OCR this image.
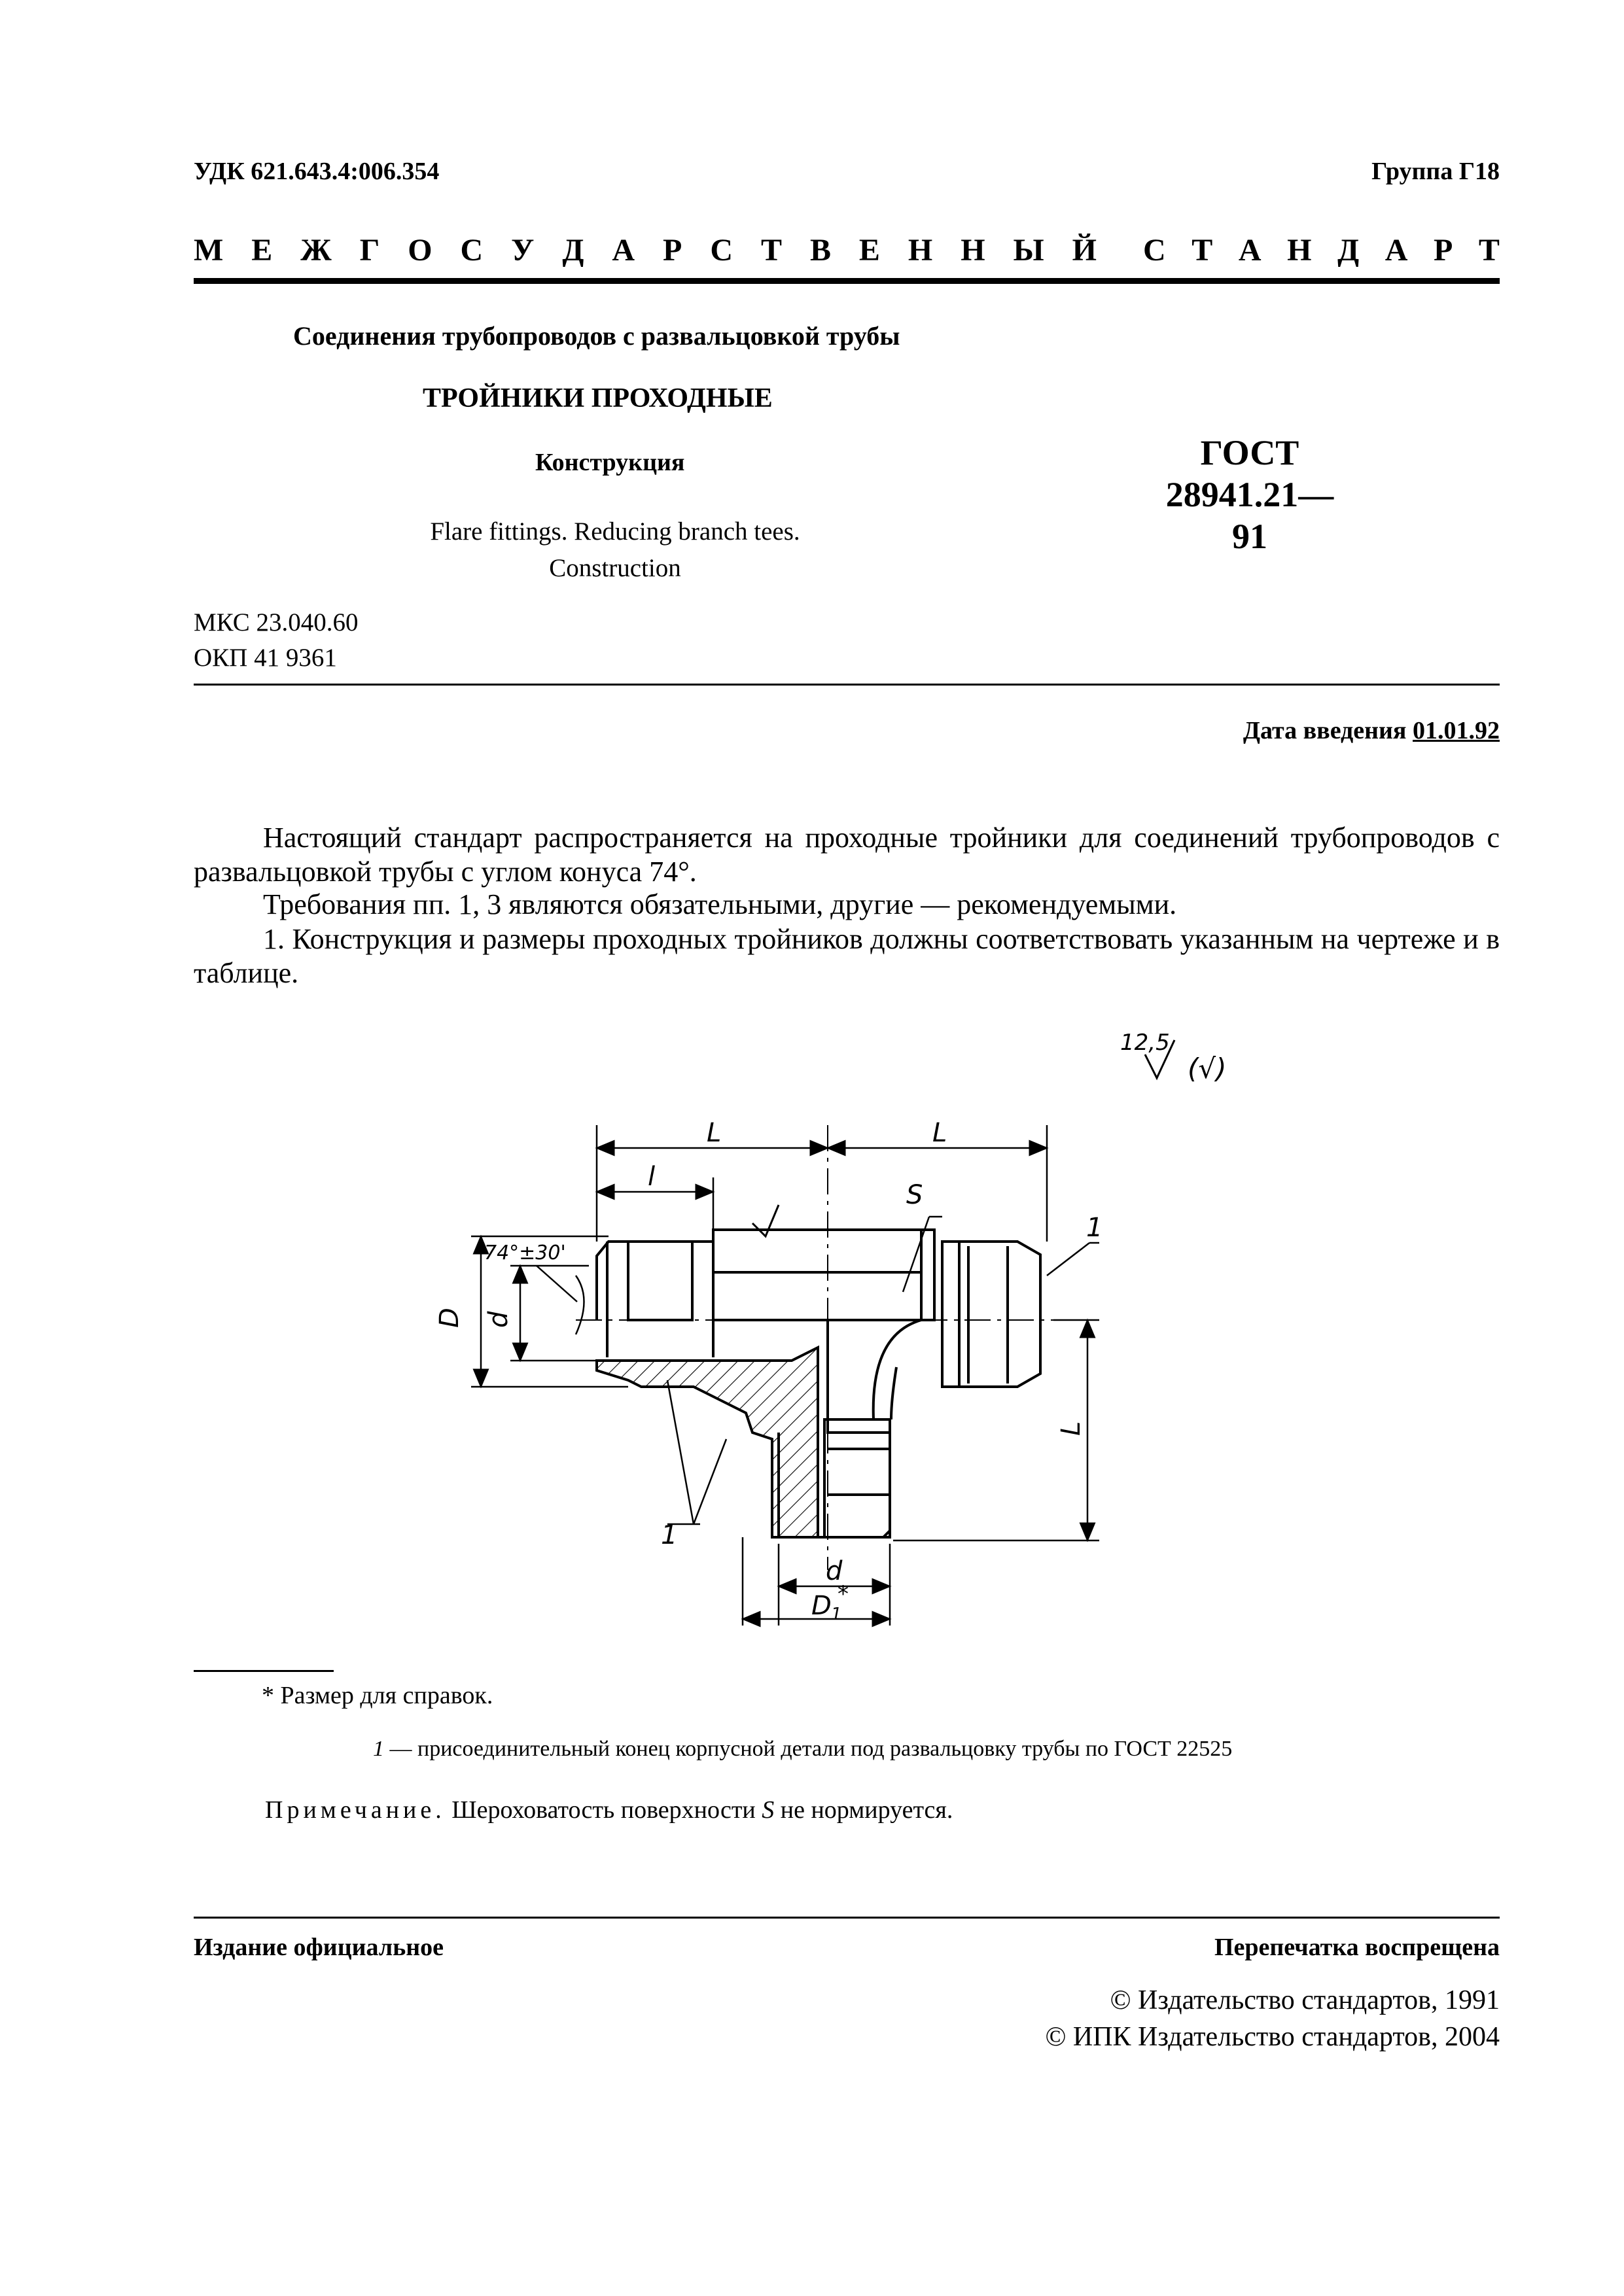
УДК 621.643.4:006.354	Группа Г18
М Е Ж Г О С У Д А Р С Т В Е Н Н Ы Й С Т А Н Д А Р Т
Соединения трубопроводов с развальцовкой трубы
ТРОЙНИКИ ПРОХОДНЫЕ
Конструкция	ГОСТ
28941.21—91
Flare fittings. Reducing branch tees.
Construction
МКС 23.040.60
ОКП 41 9361
Дата введения 01.01.92
Настоящий стандарт распространяется на проходные тройники для соединений трубопроводов с развальцовкой трубы с углом конуса 74°.
Требования пп. 1, 3 являются обязательными, другие — рекомендуемыми.
1. Конструкция и размеры проходных тройников должны соответствовать указанным на чертеже и в таблице.
12,5
(√)
L	L
l
S
1
74°±30'
D d
L
1
d
D 1
*
* Размер для справок.
1 — присоединительный конец корпусной детали под развальцовку трубы по ГОСТ 22525
Примечание. Шероховатость поверхности S не нормируется.
Издание официальное	Перепечатка воспрещена
© Издательство стандартов, 1991
© ИПК Издательство стандартов, 2004
